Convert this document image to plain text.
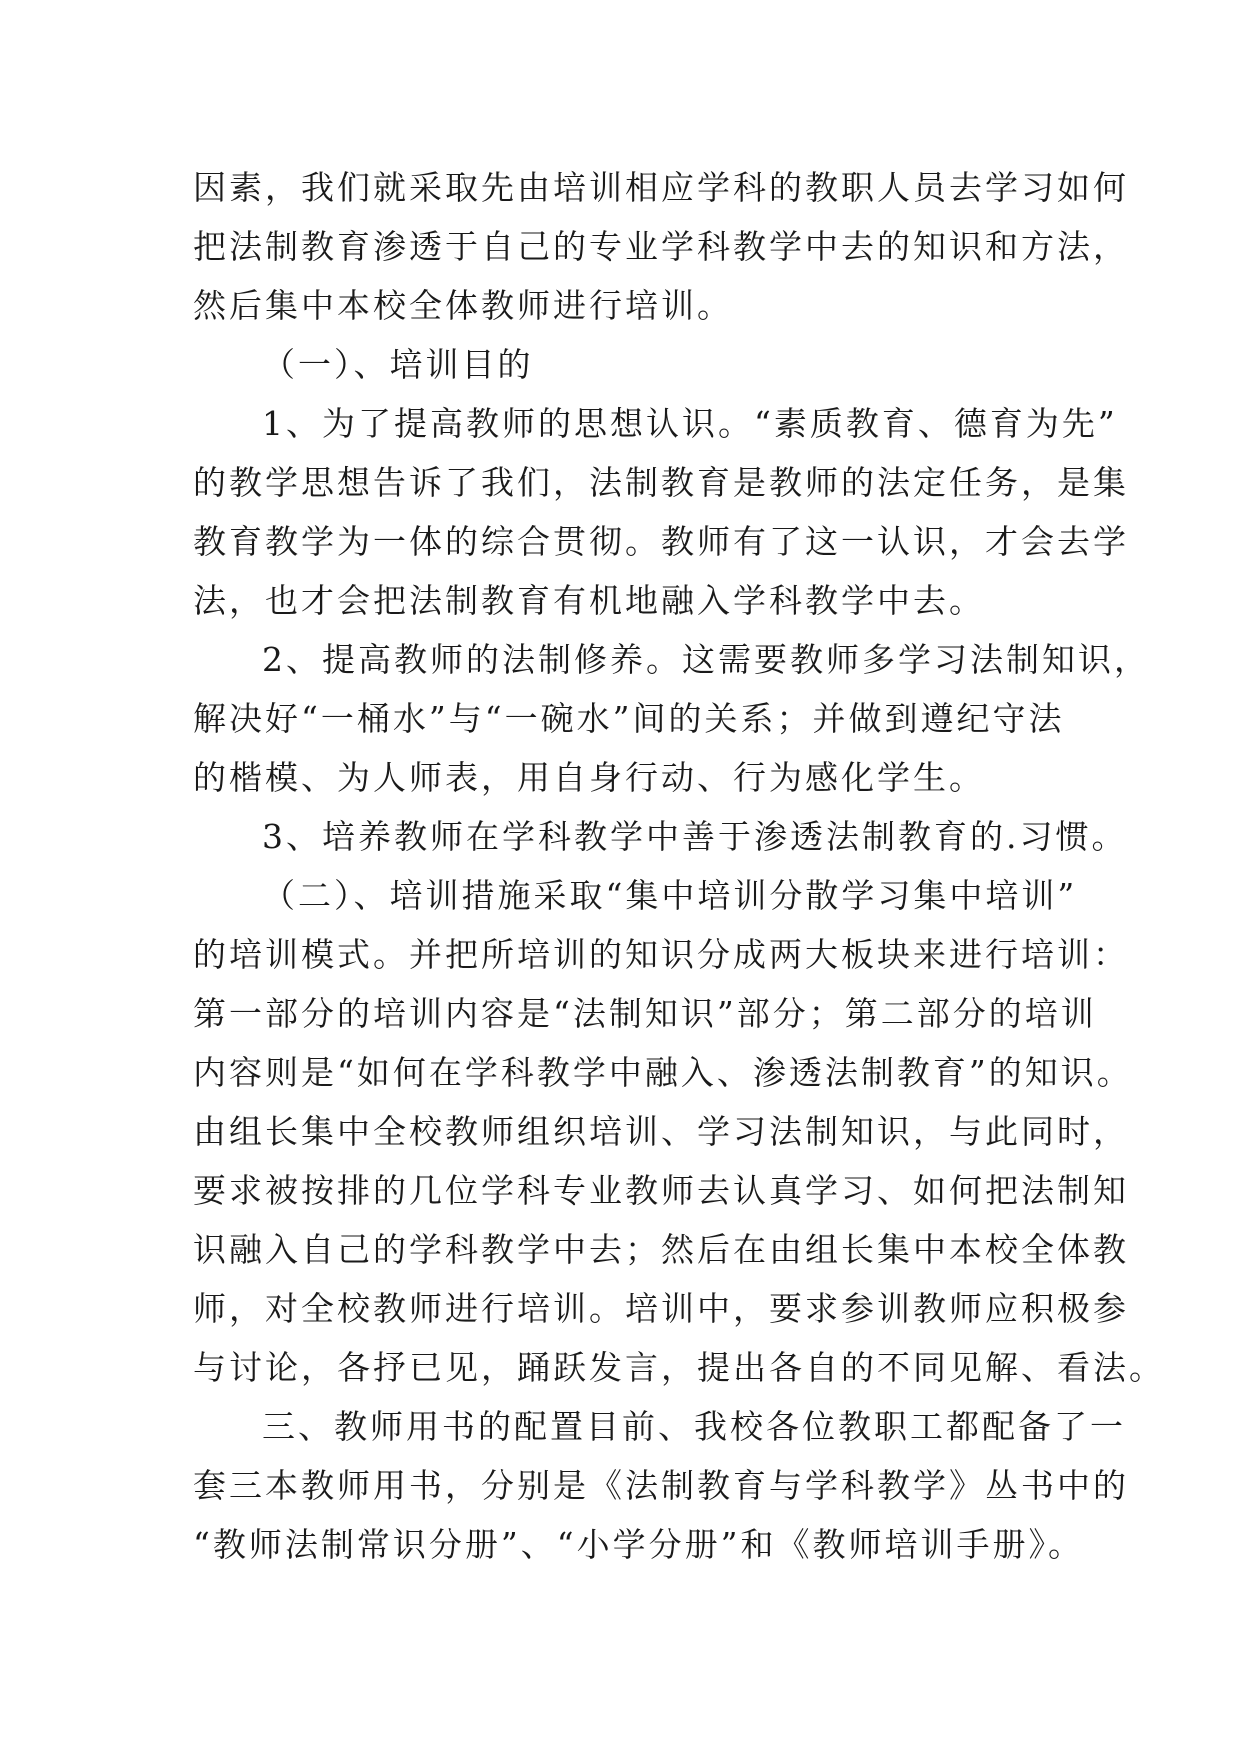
因素，我们就采取先由培训相应学科的教职人员去学习如何
把法制教育渗透于自己的专业学科教学中去的知识和方法，
然后集中本校全体教师进行培训。
（一）、培训目的
1、为了提高教师的思想认识。“素质教育、德育为先”
的教学思想告诉了我们，法制教育是教师的法定任务，是集
教育教学为一体的综合贯彻。教师有了这一认识，才会去学
法，也才会把法制教育有机地融入学科教学中去。
2、提高教师的法制修养。这需要教师多学习法制知识，
解决好“一桶水”与“一碗水”间的关系；并做到遵纪守法
的楷模、为人师表，用自身行动、行为感化学生。
3、培养教师在学科教学中善于渗透法制教育的.习惯。
（二）、培训措施采取“集中培训分散学习集中培训”
的培训模式。并把所培训的知识分成两大板块来进行培训：
第一部分的培训内容是“法制知识”部分；第二部分的培训
内容则是“如何在学科教学中融入、渗透法制教育”的知识。
由组长集中全校教师组织培训、学习法制知识，与此同时，
要求被按排的几位学科专业教师去认真学习、如何把法制知
识融入自己的学科教学中去；然后在由组长集中本校全体教
师，对全校教师进行培训。培训中，要求参训教师应积极参
与讨论，各抒已见，踊跃发言，提出各自的不同见解、看法。
三、教师用书的配置目前、我校各位教职工都配备了一
套三本教师用书，分别是《法制教育与学科教学》丛书中的
“教师法制常识分册”、“小学分册”和《教师培训手册》。
